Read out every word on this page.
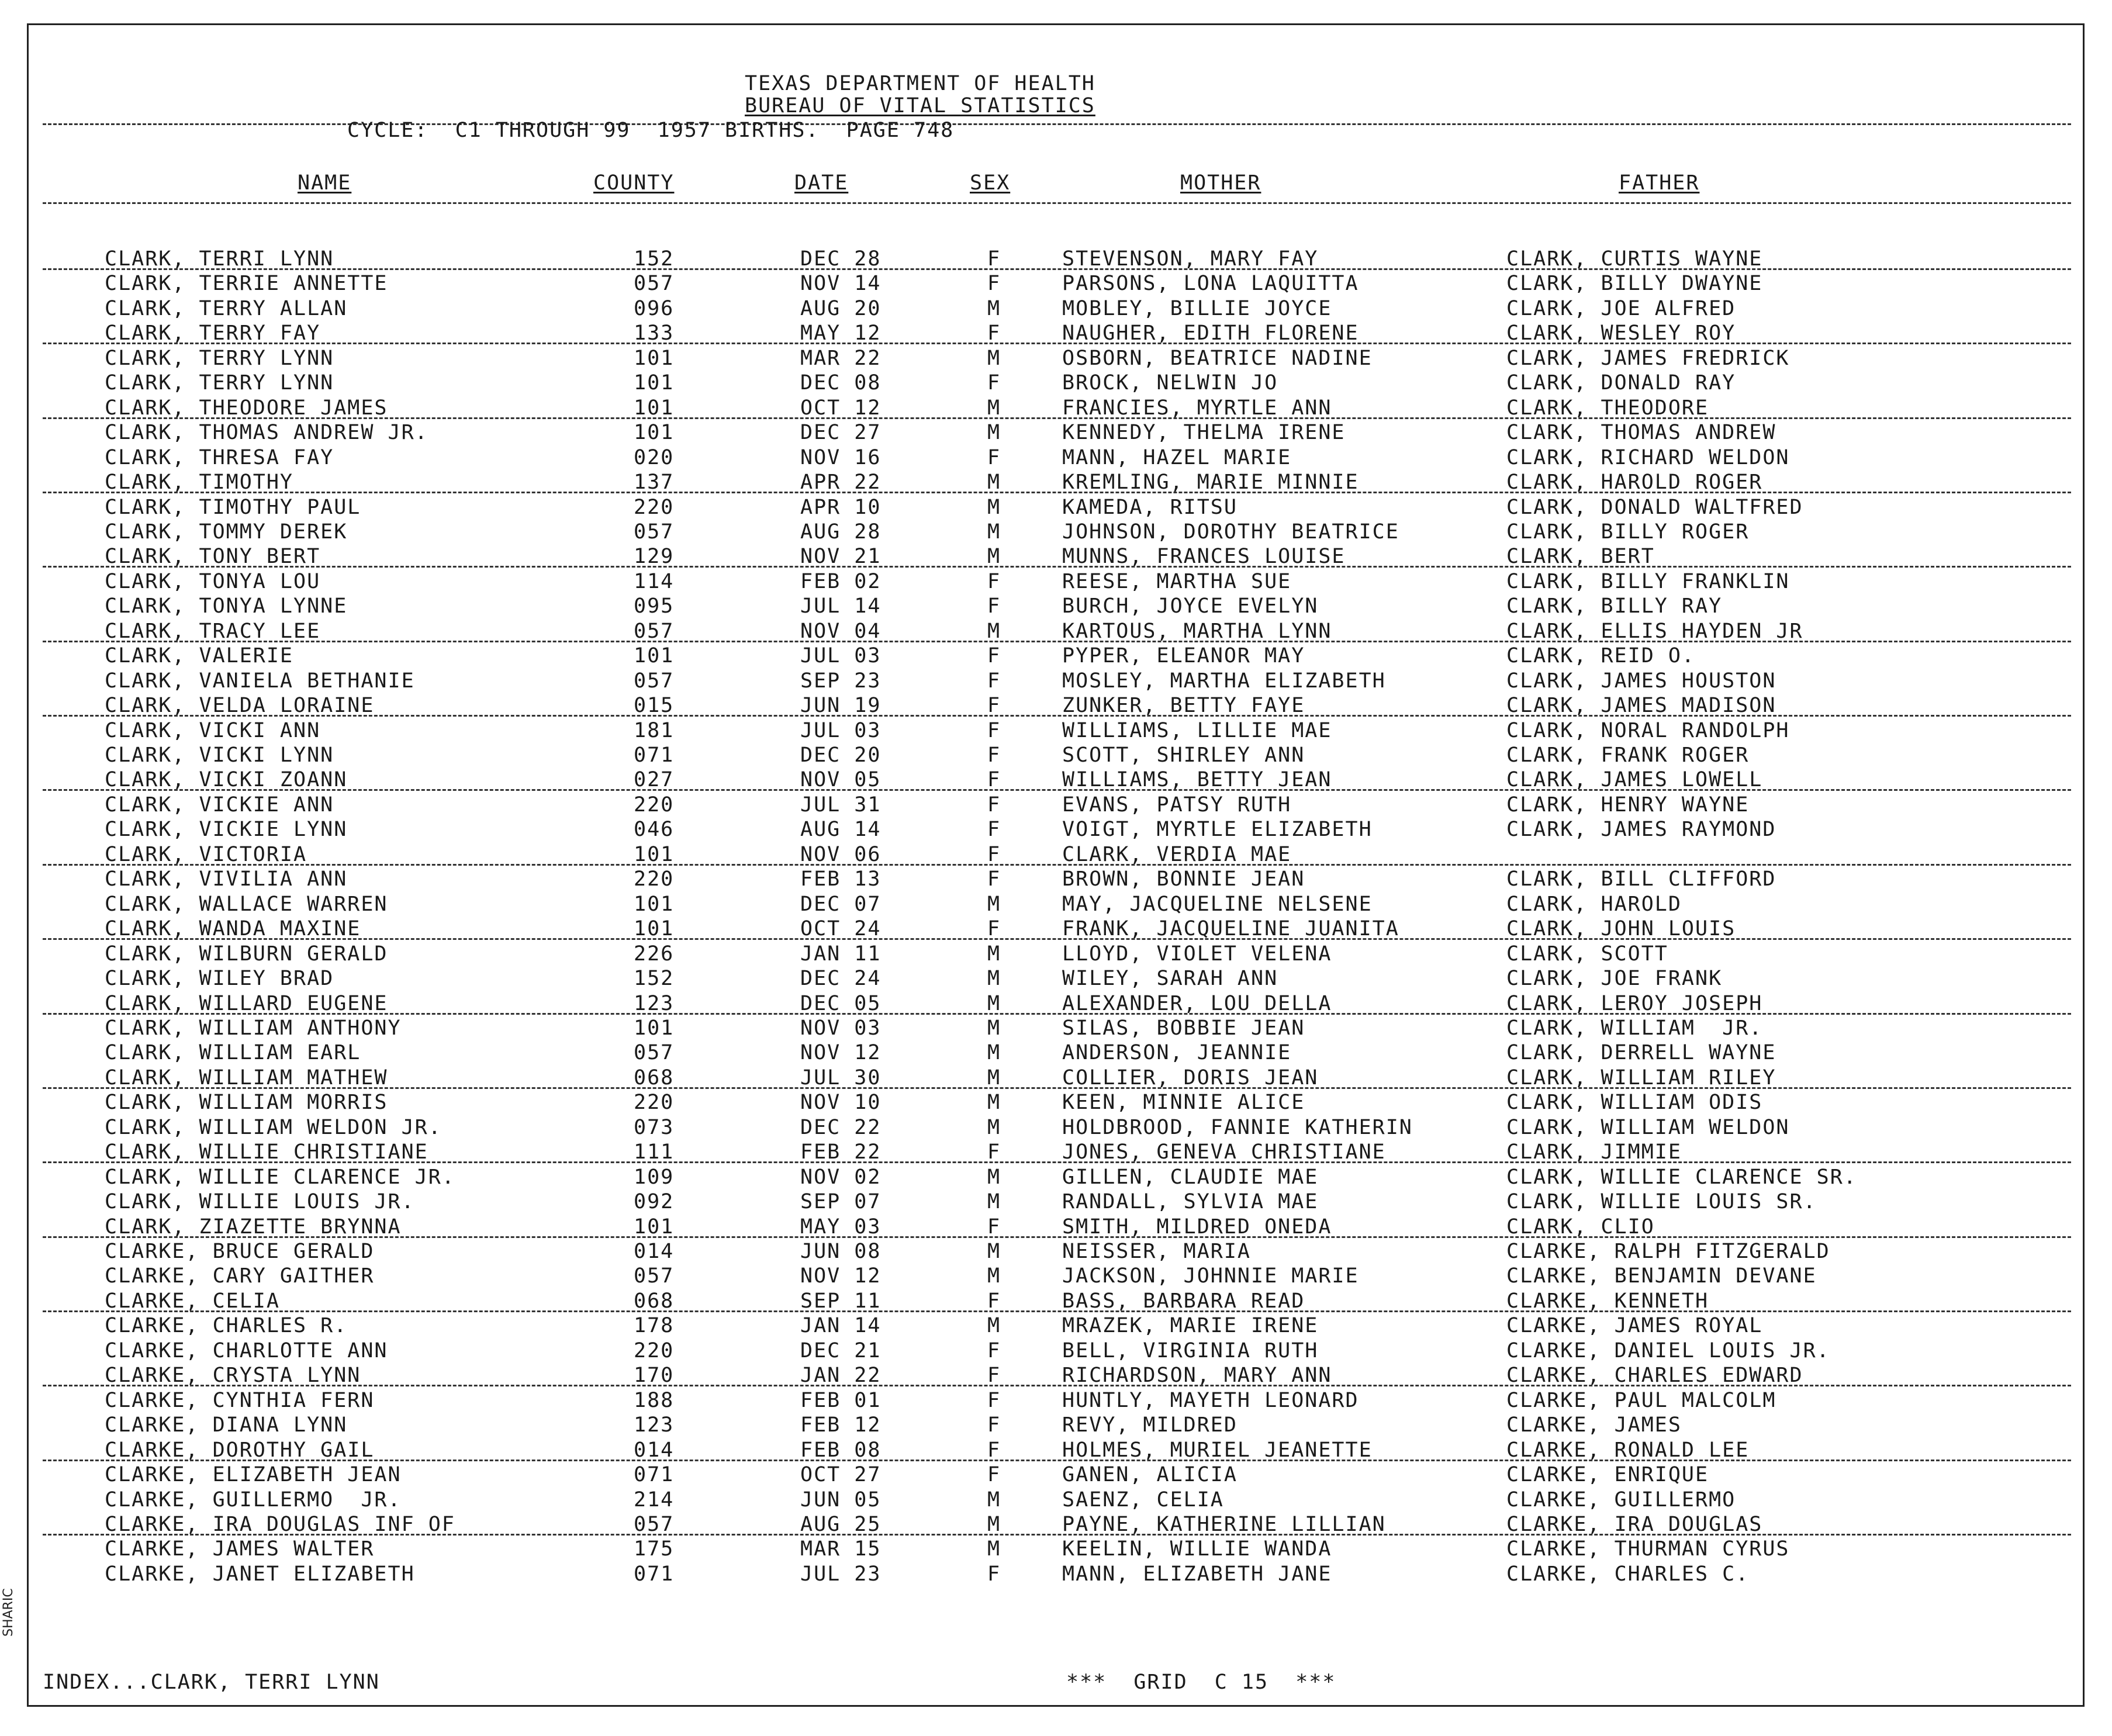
TEXAS DEPARTMENT OF HEALTH
BUREAU OF VITAL STATISTICS
CYCLE:  C1 THROUGH 99  1957 BIRTHS.  PAGE 748
NAME	COUNTY	DATE	SEX	MOTHER	FATHER
CLARK, TERRI LYNN	152	DEC 28	F	STEVENSON, MARY FAY	CLARK, CURTIS WAYNE
CLARK, TERRIE ANNETTE	057	NOV 14	F	PARSONS, LONA LAQUITTA	CLARK, BILLY DWAYNE
CLARK, TERRY ALLAN	096	AUG 20	M	MOBLEY, BILLIE JOYCE	CLARK, JOE ALFRED
CLARK, TERRY FAY	133	MAY 12	F	NAUGHER, EDITH FLORENE	CLARK, WESLEY ROY
CLARK, TERRY LYNN	101	MAR 22	M	OSBORN, BEATRICE NADINE	CLARK, JAMES FREDRICK
CLARK, TERRY LYNN	101	DEC 08	F	BROCK, NELWIN JO	CLARK, DONALD RAY
CLARK, THEODORE JAMES	101	OCT 12	M	FRANCIES, MYRTLE ANN	CLARK, THEODORE
CLARK, THOMAS ANDREW JR.	101	DEC 27	M	KENNEDY, THELMA IRENE	CLARK, THOMAS ANDREW
CLARK, THRESA FAY	020	NOV 16	F	MANN, HAZEL MARIE	CLARK, RICHARD WELDON
CLARK, TIMOTHY	137	APR 22	M	KREMLING, MARIE MINNIE	CLARK, HAROLD ROGER
CLARK, TIMOTHY PAUL	220	APR 10	M	KAMEDA, RITSU	CLARK, DONALD WALTFRED
CLARK, TOMMY DEREK	057	AUG 28	M	JOHNSON, DOROTHY BEATRICE	CLARK, BILLY ROGER
CLARK, TONY BERT	129	NOV 21	M	MUNNS, FRANCES LOUISE	CLARK, BERT
CLARK, TONYA LOU	114	FEB 02	F	REESE, MARTHA SUE	CLARK, BILLY FRANKLIN
CLARK, TONYA LYNNE	095	JUL 14	F	BURCH, JOYCE EVELYN	CLARK, BILLY RAY
CLARK, TRACY LEE	057	NOV 04	M	KARTOUS, MARTHA LYNN	CLARK, ELLIS HAYDEN JR
CLARK, VALERIE	101	JUL 03	F	PYPER, ELEANOR MAY	CLARK, REID O.
CLARK, VANIELA BETHANIE	057	SEP 23	F	MOSLEY, MARTHA ELIZABETH	CLARK, JAMES HOUSTON
CLARK, VELDA LORAINE	015	JUN 19	F	ZUNKER, BETTY FAYE	CLARK, JAMES MADISON
CLARK, VICKI ANN	181	JUL 03	F	WILLIAMS, LILLIE MAE	CLARK, NORAL RANDOLPH
CLARK, VICKI LYNN	071	DEC 20	F	SCOTT, SHIRLEY ANN	CLARK, FRANK ROGER
CLARK, VICKI ZOANN	027	NOV 05	F	WILLIAMS, BETTY JEAN	CLARK, JAMES LOWELL
CLARK, VICKIE ANN	220	JUL 31	F	EVANS, PATSY RUTH	CLARK, HENRY WAYNE
CLARK, VICKIE LYNN	046	AUG 14	F	VOIGT, MYRTLE ELIZABETH	CLARK, JAMES RAYMOND
CLARK, VICTORIA	101	NOV 06	F	CLARK, VERDIA MAE
CLARK, VIVILIA ANN	220	FEB 13	F	BROWN, BONNIE JEAN	CLARK, BILL CLIFFORD
CLARK, WALLACE WARREN	101	DEC 07	M	MAY, JACQUELINE NELSENE	CLARK, HAROLD
CLARK, WANDA MAXINE	101	OCT 24	F	FRANK, JACQUELINE JUANITA	CLARK, JOHN LOUIS
CLARK, WILBURN GERALD	226	JAN 11	M	LLOYD, VIOLET VELENA	CLARK, SCOTT
CLARK, WILEY BRAD	152	DEC 24	M	WILEY, SARAH ANN	CLARK, JOE FRANK
CLARK, WILLARD EUGENE	123	DEC 05	M	ALEXANDER, LOU DELLA	CLARK, LEROY JOSEPH
CLARK, WILLIAM ANTHONY	101	NOV 03	M	SILAS, BOBBIE JEAN	CLARK, WILLIAM  JR.
CLARK, WILLIAM EARL	057	NOV 12	M	ANDERSON, JEANNIE	CLARK, DERRELL WAYNE
CLARK, WILLIAM MATHEW	068	JUL 30	M	COLLIER, DORIS JEAN	CLARK, WILLIAM RILEY
CLARK, WILLIAM MORRIS	220	NOV 10	M	KEEN, MINNIE ALICE	CLARK, WILLIAM ODIS
CLARK, WILLIAM WELDON JR.	073	DEC 22	M	HOLDBROOD, FANNIE KATHERIN	CLARK, WILLIAM WELDON
CLARK, WILLIE CHRISTIANE	111	FEB 22	F	JONES, GENEVA CHRISTIANE	CLARK, JIMMIE
CLARK, WILLIE CLARENCE JR.	109	NOV 02	M	GILLEN, CLAUDIE MAE	CLARK, WILLIE CLARENCE SR.
CLARK, WILLIE LOUIS JR.	092	SEP 07	M	RANDALL, SYLVIA MAE	CLARK, WILLIE LOUIS SR.
CLARK, ZIAZETTE BRYNNA	101	MAY 03	F	SMITH, MILDRED ONEDA	CLARK, CLIO
CLARKE, BRUCE GERALD	014	JUN 08	M	NEISSER, MARIA	CLARKE, RALPH FITZGERALD
CLARKE, CARY GAITHER	057	NOV 12	M	JACKSON, JOHNNIE MARIE	CLARKE, BENJAMIN DEVANE
CLARKE, CELIA	068	SEP 11	F	BASS, BARBARA READ	CLARKE, KENNETH
CLARKE, CHARLES R.	178	JAN 14	M	MRAZEK, MARIE IRENE	CLARKE, JAMES ROYAL
CLARKE, CHARLOTTE ANN	220	DEC 21	F	BELL, VIRGINIA RUTH	CLARKE, DANIEL LOUIS JR.
CLARKE, CRYSTA LYNN	170	JAN 22	F	RICHARDSON, MARY ANN	CLARKE, CHARLES EDWARD
CLARKE, CYNTHIA FERN	188	FEB 01	F	HUNTLY, MAYETH LEONARD	CLARKE, PAUL MALCOLM
CLARKE, DIANA LYNN	123	FEB 12	F	REVY, MILDRED	CLARKE, JAMES
CLARKE, DOROTHY GAIL	014	FEB 08	F	HOLMES, MURIEL JEANETTE	CLARKE, RONALD LEE
CLARKE, ELIZABETH JEAN	071	OCT 27	F	GANEN, ALICIA	CLARKE, ENRIQUE
CLARKE, GUILLERMO  JR.	214	JUN 05	M	SAENZ, CELIA	CLARKE, GUILLERMO
CLARKE, IRA DOUGLAS INF OF	057	AUG 25	M	PAYNE, KATHERINE LILLIAN	CLARKE, IRA DOUGLAS
CLARKE, JAMES WALTER	175	MAR 15	M	KEELIN, WILLIE WANDA	CLARKE, THURMAN CYRUS
CLARKE, JANET ELIZABETH	071	JUL 23	F	MANN, ELIZABETH JANE	CLARKE, CHARLES C.
INDEX...CLARK, TERRI LYNN	***  GRID  C 15  ***
SHARIC
